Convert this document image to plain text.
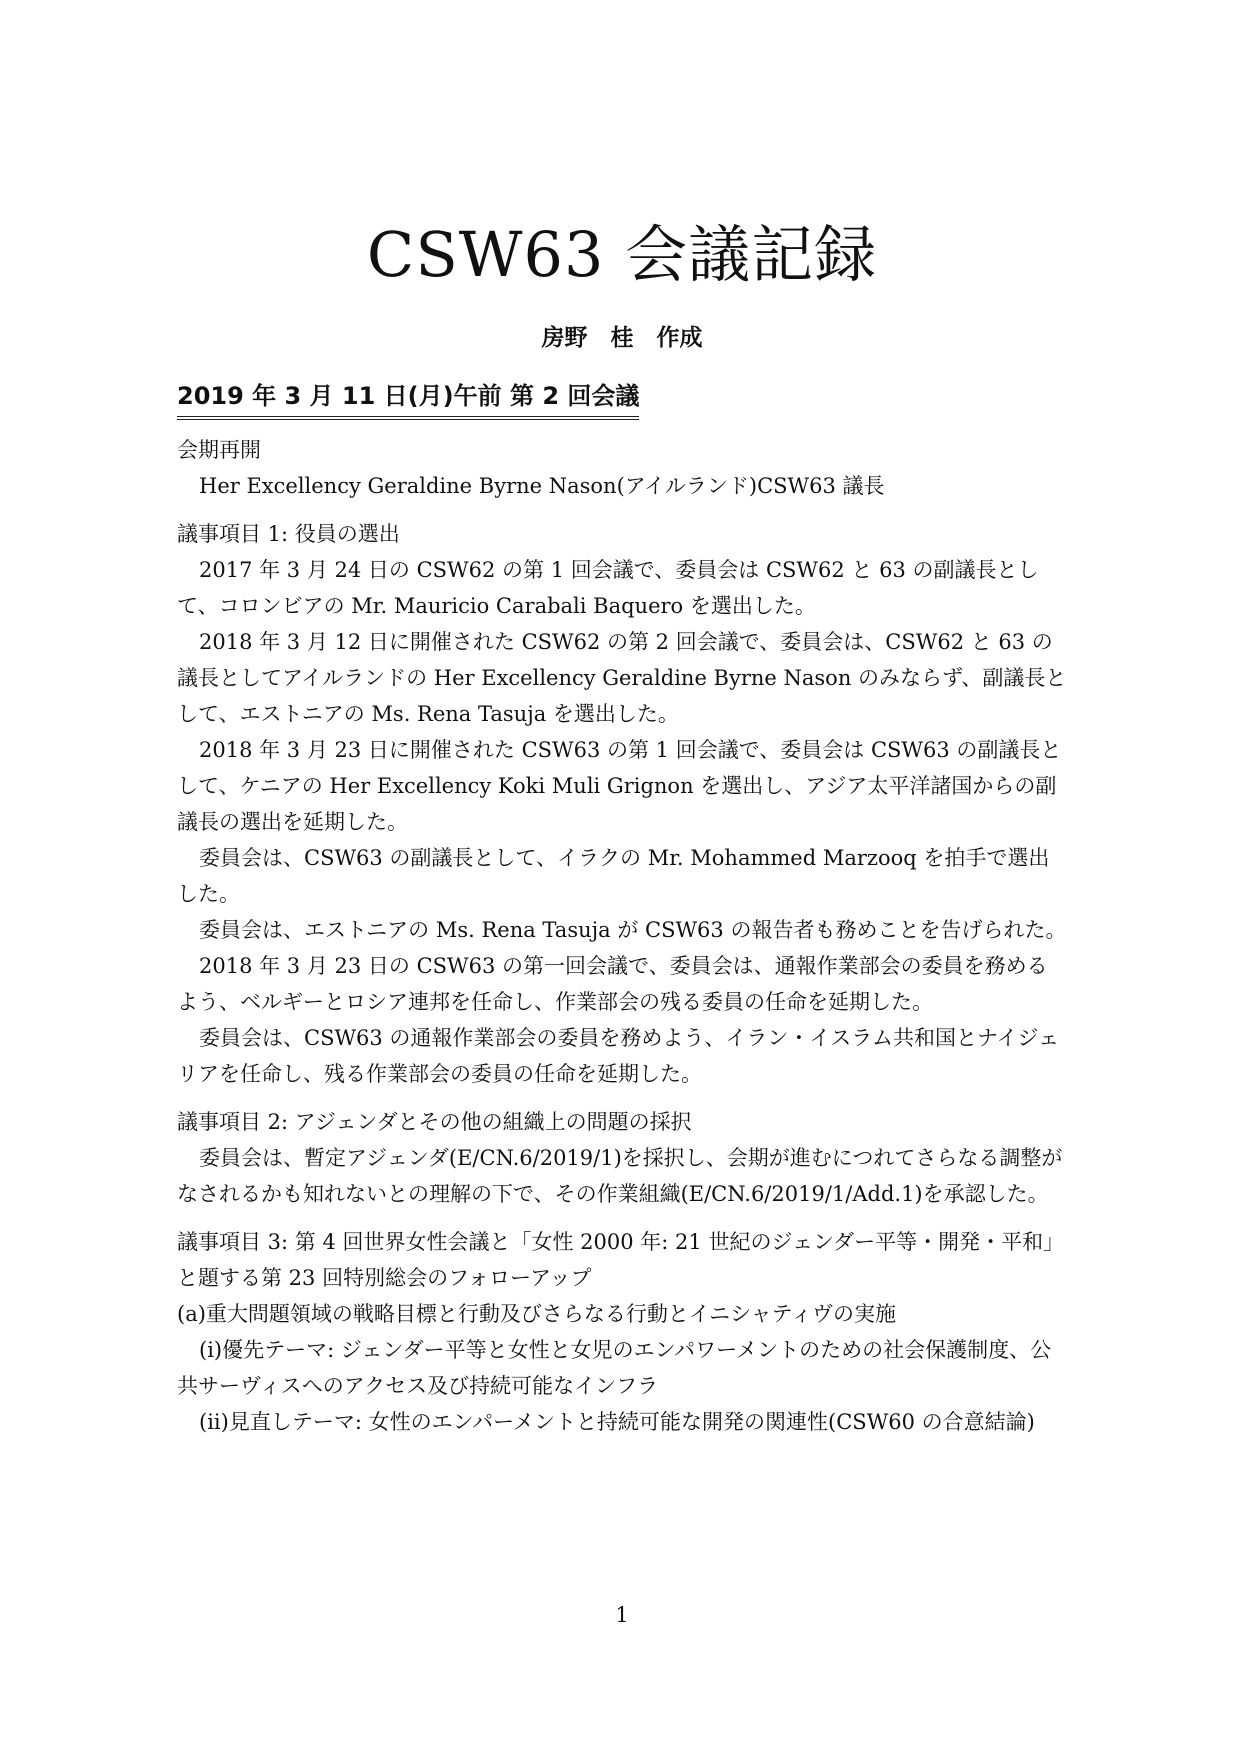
CSW63 会議記録
房野　桂　作成
2019 年 3 月 11 日(月)午前 第 2 回会議

会期再開

Her Excellency Geraldine Byrne Nason(アイルランド)CSW63 議長

議事項目 1: 役員の選出

2017 年 3 月 24 日の CSW62 の第 1 回会議で、委員会は CSW62 と 63 の副議長として、コロンビアの Mr. Mauricio Carabali Baquero を選出した。

2018 年 3 月 12 日に開催された CSW62 の第 2 回会議で、委員会は、CSW62 と 63 の議長としてアイルランドの Her Excellency Geraldine Byrne Nason のみならず、副議長として、エストニアの Ms. Rena Tasuja を選出した。

2018 年 3 月 23 日に開催された CSW63 の第 1 回会議で、委員会は CSW63 の副議長として、ケニアの Her Excellency Koki Muli Grignon を選出し、アジア太平洋諸国からの副議長の選出を延期した。

委員会は、CSW63 の副議長として、イラクの Mr. Mohammed Marzooq を拍手で選出した。

委員会は、エストニアの Ms. Rena Tasuja が CSW63 の報告者も務めことを告げられた。

2018 年 3 月 23 日の CSW63 の第一回会議で、委員会は、通報作業部会の委員を務めるよう、ベルギーとロシア連邦を任命し、作業部会の残る委員の任命を延期した。

委員会は、CSW63 の通報作業部会の委員を務めよう、イラン・イスラム共和国とナイジェリアを任命し、残る作業部会の委員の任命を延期した。

議事項目 2: アジェンダとその他の組織上の問題の採択

委員会は、暫定アジェンダ(E/CN.6/2019/1)を採択し、会期が進むにつれてさらなる調整がなされるかも知れないとの理解の下で、その作業組織(E/CN.6/2019/1/Add.1)を承認した。

議事項目 3: 第 4 回世界女性会議と「女性 2000 年: 21 世紀のジェンダー平等・開発・平和」と題する第 23 回特別総会のフォローアップ

(a)重大問題領域の戦略目標と行動及びさらなる行動とイニシャティヴの実施

(i)優先テーマ: ジェンダー平等と女性と女児のエンパワーメントのための社会保護制度、公共サーヴィスへのアクセス及び持続可能なインフラ

(ii)見直しテーマ: 女性のエンパーメントと持続可能な開発の関連性(CSW60 の合意結論)

1
